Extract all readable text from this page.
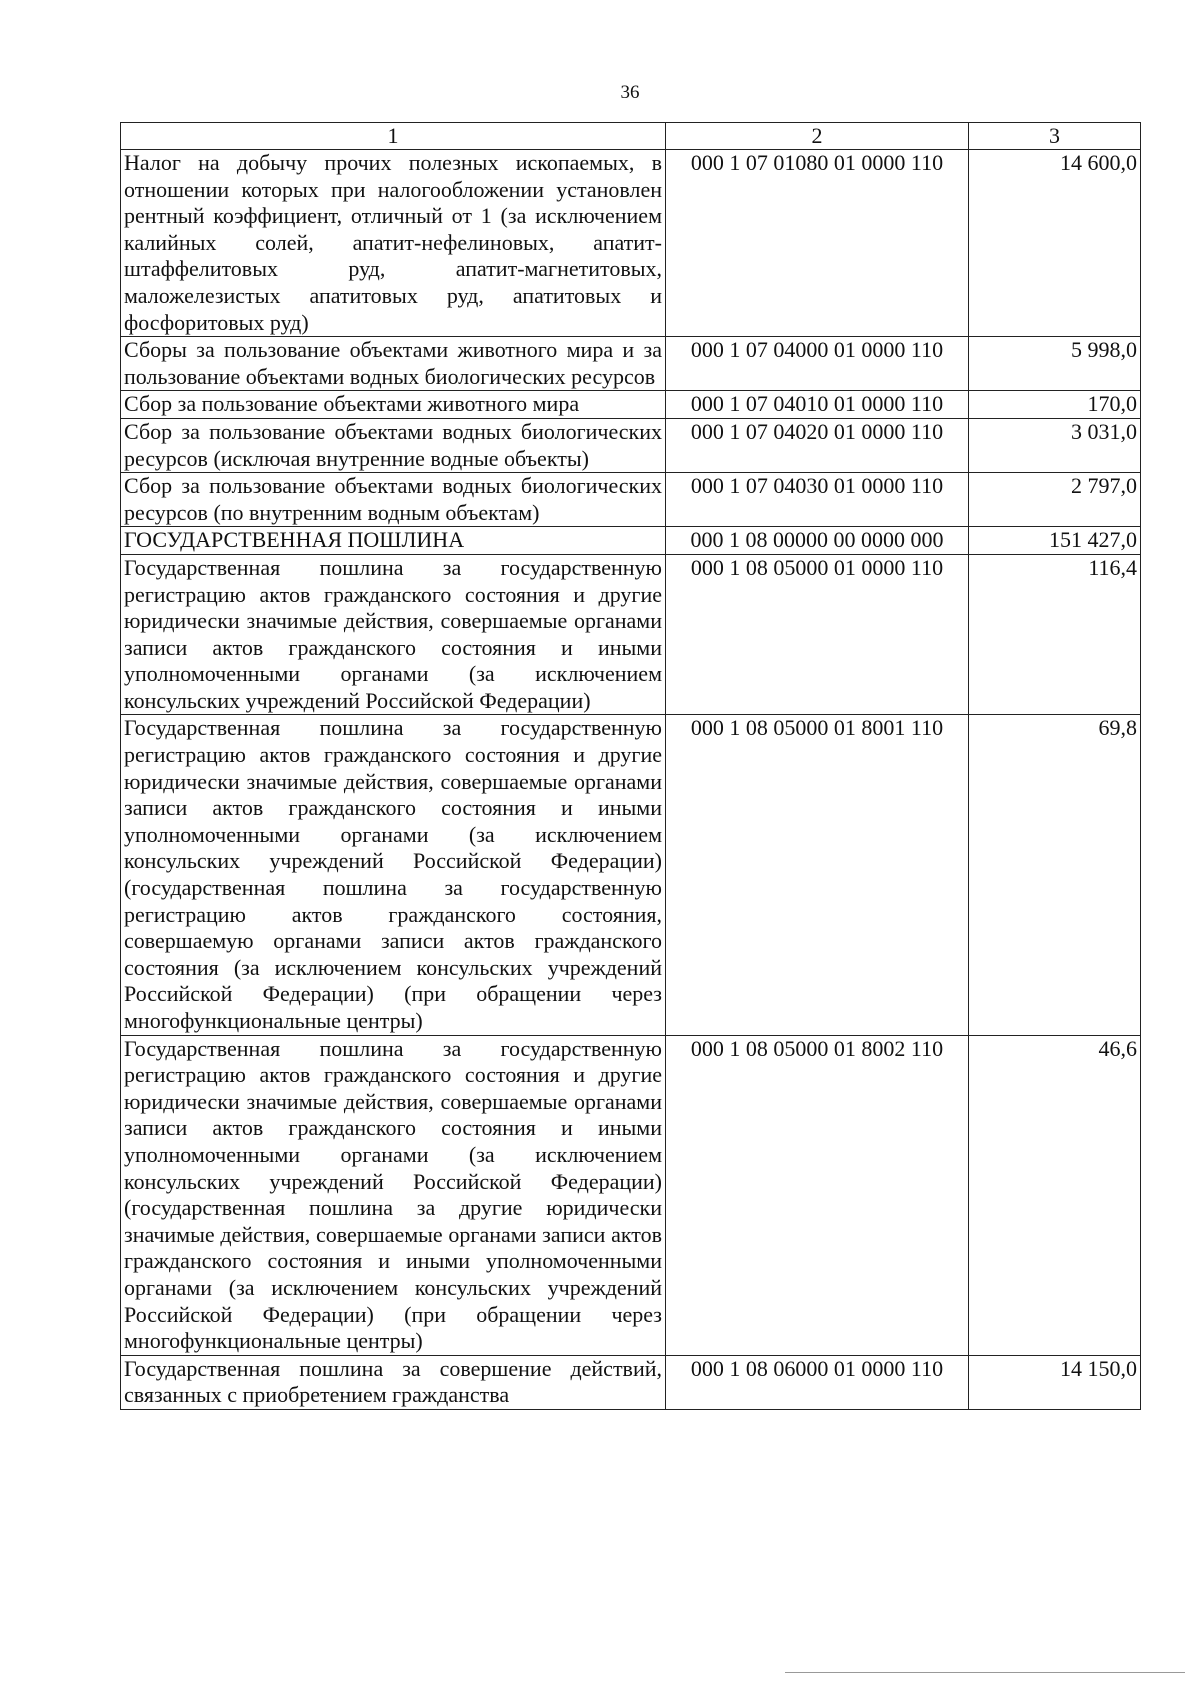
36
1	2	3
Налог на добычу прочих полезных ископаемых, в отношении которых при налогообложении установлен рентный коэффициент, отличный от 1 (за исключением калийных солей, апатит-нефелиновых, апатит-штаффелитовых руд, апатит-магнетитовых, маложелезистых апатитовых руд, апатитовых и фосфоритовых руд)	000 1 07 01080 01 0000 110	14 600,0
Сборы за пользование объектами животного мира и за пользование объектами водных биологических ресурсов	000 1 07 04000 01 0000 110	5 998,0
Сбор за пользование объектами животного мира	000 1 07 04010 01 0000 110	170,0
Сбор за пользование объектами водных биологических ресурсов (исключая внутренние водные объекты)	000 1 07 04020 01 0000 110	3 031,0
Сбор за пользование объектами водных биологических ресурсов (по внутренним водным объектам)	000 1 07 04030 01 0000 110	2 797,0
ГОСУДАРСТВЕННАЯ ПОШЛИНА	000 1 08 00000 00 0000 000	151 427,0
Государственная пошлина за государственную регистрацию актов гражданского состояния и другие юридически значимые действия, совершаемые органами записи актов гражданского состояния и иными уполномоченными органами (за исключением консульских учреждений Российской Федерации)	000 1 08 05000 01 0000 110	116,4
Государственная пошлина за государственную регистрацию актов гражданского состояния и другие юридически значимые действия, совершаемые органами записи актов гражданского состояния и иными уполномоченными органами (за исключением консульских учреждений Российской Федерации) (государственная пошлина за государственную регистрацию актов гражданского состояния, совершаемую органами записи актов гражданского состояния (за исключением консульских учреждений Российской Федерации) (при обращении через многофункциональные центры)	000 1 08 05000 01 8001 110	69,8
Государственная пошлина за государственную регистрацию актов гражданского состояния и другие юридически значимые действия, совершаемые органами записи актов гражданского состояния и иными уполномоченными органами (за исключением консульских учреждений Российской Федерации) (государственная пошлина за другие юридически значимые действия, совершаемые органами записи актов гражданского состояния и иными уполномоченными органами (за исключением консульских учреждений Российской Федерации) (при обращении через многофункциональные центры)	000 1 08 05000 01 8002 110	46,6
Государственная пошлина за совершение действий, связанных с приобретением гражданства	000 1 08 06000 01 0000 110	14 150,0
